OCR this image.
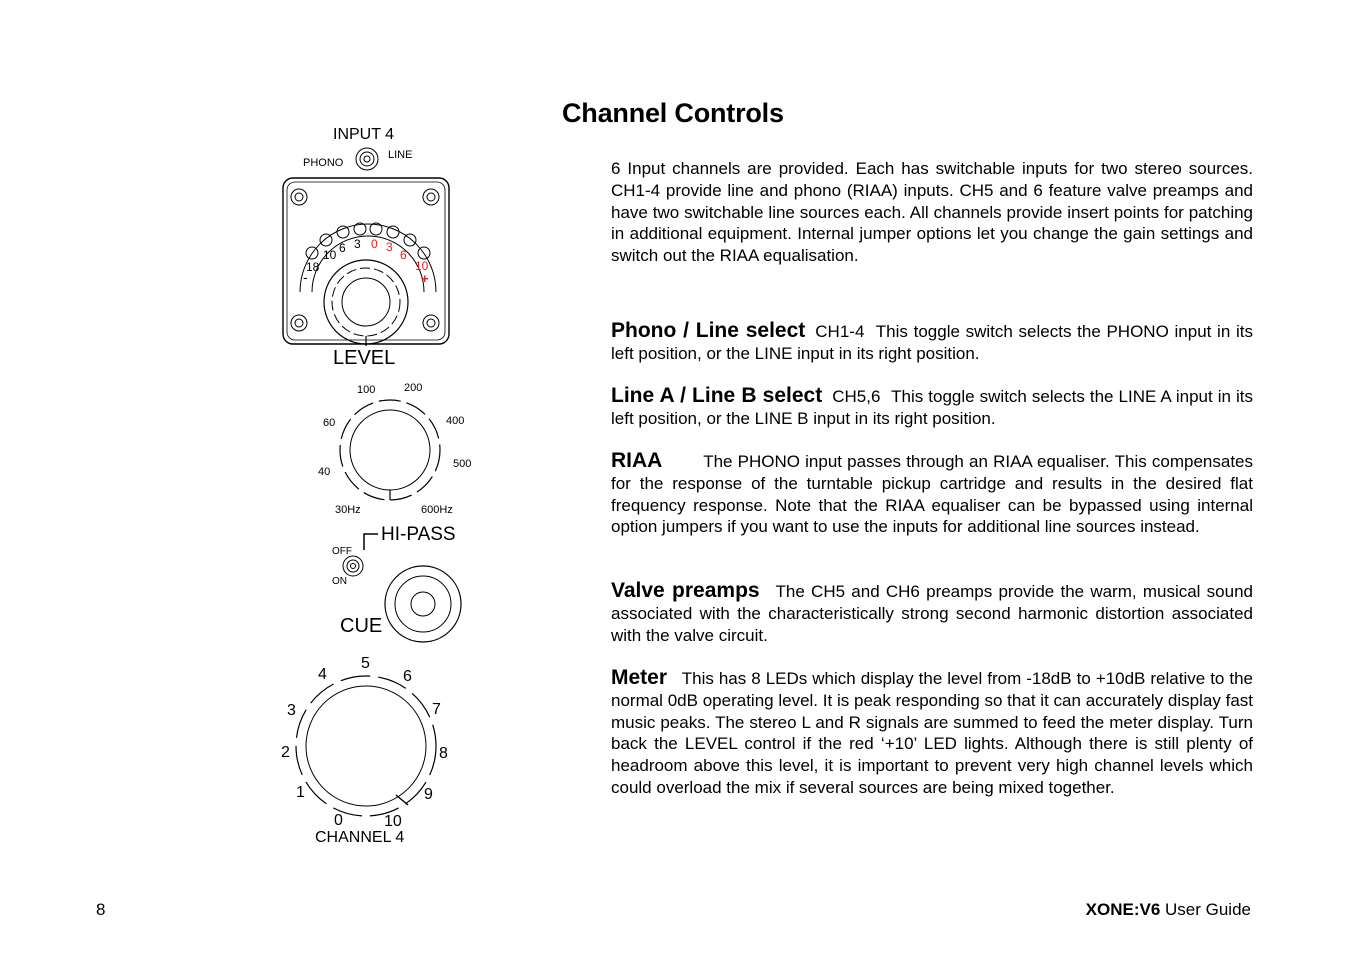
Channel Controls
6 Input channels are provided. Each has switchable inputs for two stereo sources. CH1-4 provide line and phono (RIAA) inputs. CH5 and 6 feature valve preamps and have two switchable line sources each. All channels provide insert points for patching in additional equipment. Internal jumper options let you change the gain settings and switch out the RIAA equalisation.
Phono / Line select CH1-4 This toggle switch selects the PHONO input in its left position, or the LINE input in its right position.
Line A / Line B select CH5,6 This toggle switch selects the LINE A input in its left position, or the LINE B input in its right position.
RIAA The PHONO input passes through an RIAA equaliser. This compensates for the response of the turntable pickup cartridge and results in the desired flat frequency response. Note that the RIAA equaliser can be bypassed using internal option jumpers if you want to use the inputs for additional line sources instead.
Valve preamps The CH5 and CH6 preamps provide the warm, musical sound associated with the characteristically strong second harmonic distortion associated with the valve circuit.
Meter This has 8 LEDs which display the level from -18dB to +10dB relative to the normal 0dB operating level. It is peak responding so that it can accurately display fast music peaks. The stereo L and R signals are summed to feed the meter display. Turn back the LEVEL control if the red ‘+10’ LED lights. Although there is still plenty of headroom above this level, it is important to prevent very high channel levels which could overload the mix if several sources are being mixed together.
8	XONE:V6 User Guide
INPUT 4
PHONO
LINE
18
10 6 3 0 3
6
10
-	+
LEVEL
100	200
60	400
40
500
30Hz	600Hz
HI-PASS
OFF
ON
CUE
5
4	6
3	7
2	8
1	9
0	10
CHANNEL 4
